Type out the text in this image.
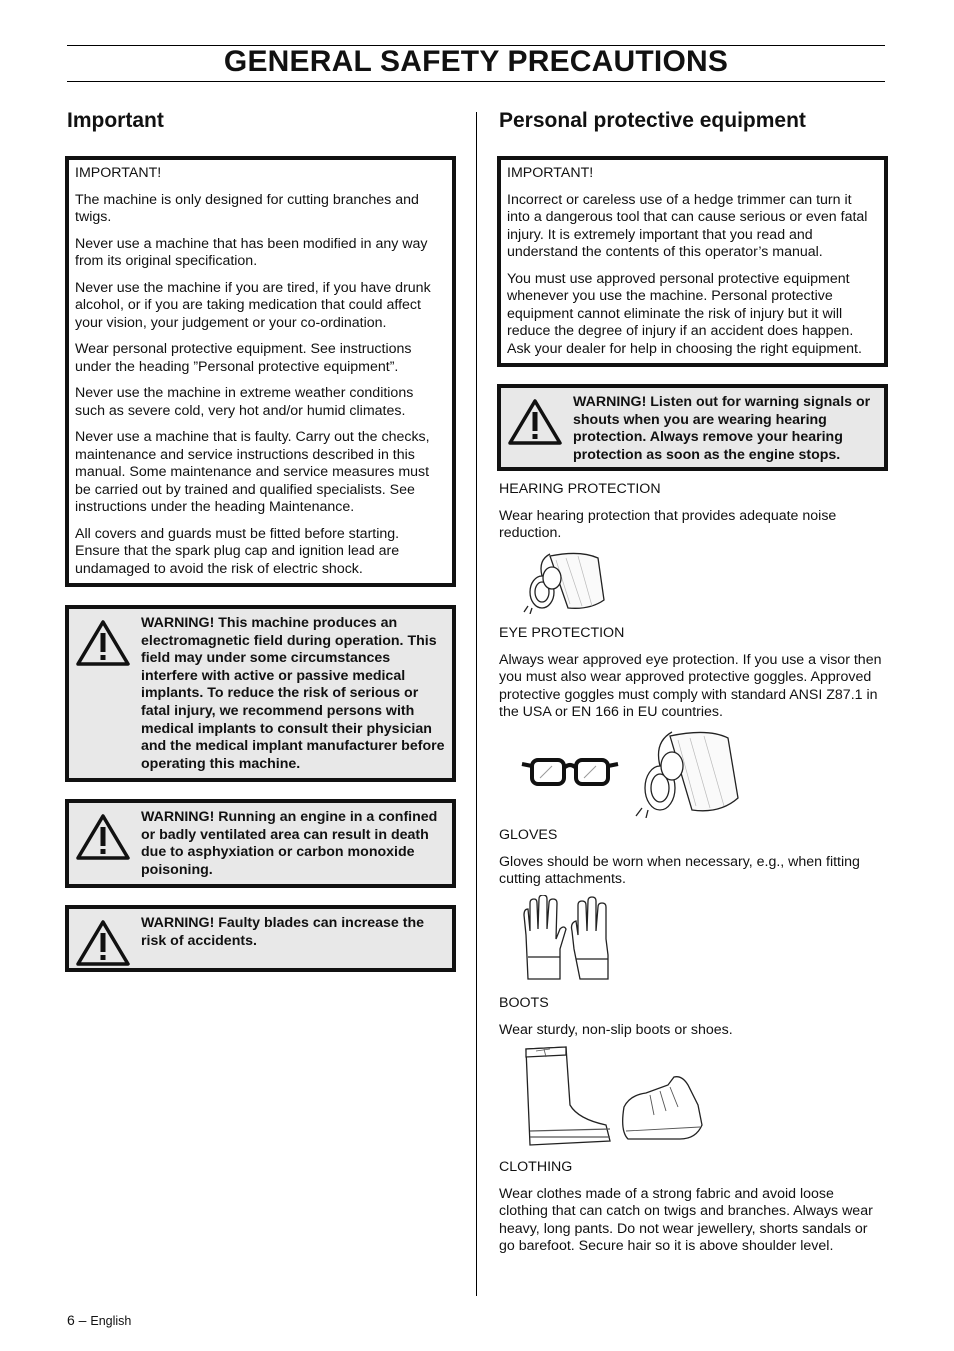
GENERAL SAFETY PRECAUTIONS
Important

IMPORTANT!

The machine is only designed for cutting branches and twigs.

Never use a machine that has been modified in any way from its original specification.

Never use the machine if you are tired, if you have drunk alcohol, or if you are taking medication that could affect your vision, your judgement or your co-ordination.

Wear personal protective equipment. See instructions under the heading ”Personal protective equipment”.

Never use the machine in extreme weather conditions such as severe cold, very hot and/or humid climates.

Never use a machine that is faulty. Carry out the checks, maintenance and service instructions described in this manual. Some maintenance and service measures must be carried out by trained and qualified specialists. See instructions under the heading Maintenance.

All covers and guards must be fitted before starting. Ensure that the spark plug cap and ignition lead are undamaged to avoid the risk of electric shock.

WARNING! This machine produces an electromagnetic field during operation. This field may under some circumstances interfere with active or passive medical implants. To reduce the risk of serious or fatal injury, we recommend persons with medical implants to consult their physician and the medical implant manufacturer before operating this machine.
WARNING! Running an engine in a confined or badly ventilated area can result in death due to asphyxiation or carbon monoxide poisoning.
WARNING! Faulty blades can increase the risk of accidents.
Personal protective equipment

IMPORTANT!

Incorrect or careless use of a hedge trimmer can turn it into a dangerous tool that can cause serious or even fatal injury. It is extremely important that you read and understand the contents of this operator’s manual.

You must use approved personal protective equipment whenever you use the machine. Personal protective equipment cannot eliminate the risk of injury but it will reduce the degree of injury if an accident does happen. Ask your dealer for help in choosing the right equipment.

WARNING! Listen out for warning signals or shouts when you are wearing hearing protection. Always remove your hearing protection as soon as the engine stops.

HEARING PROTECTION

Wear hearing protection that provides adequate noise reduction.

EYE PROTECTION

Always wear approved eye protection. If you use a visor then you must also wear approved protective goggles. Approved protective goggles must comply with standard ANSI Z87.1 in the USA or EN 166 in EU countries.

GLOVES

Gloves should be worn when necessary, e.g., when fitting cutting attachments.

BOOTS

Wear sturdy, non-slip boots or shoes.

CLOTHING

Wear clothes made of a strong fabric and avoid loose clothing that can catch on twigs and branches. Always wear heavy, long pants. Do not wear jewellery, shorts sandals or go barefoot. Secure hair so it is above shoulder level.

6 – English
